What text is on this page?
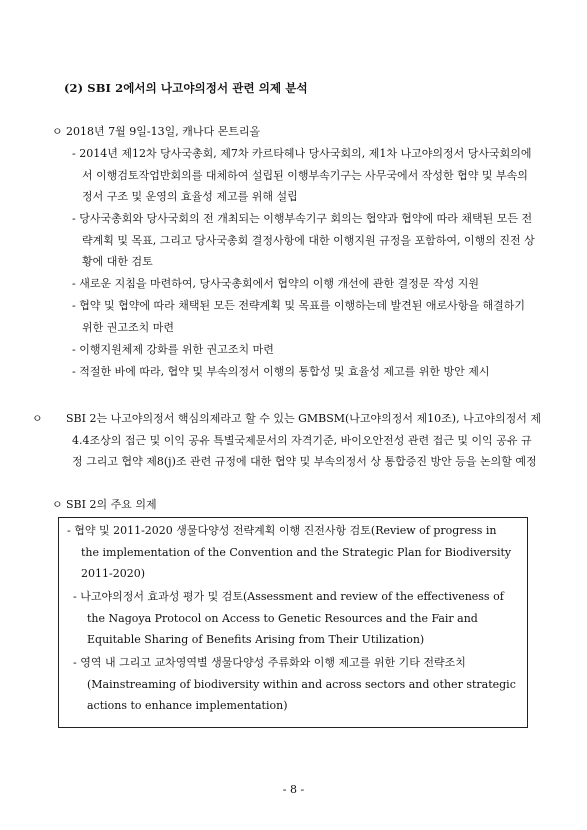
(2) SBI 2에서의 나고야의정서 관련 의제 분석
ㅇ 2018년 7월 9일-13일, 캐나다 몬트리올
- 2014년 제12차 당사국총회, 제7차 카르타헤나 당사국회의, 제1차 나고야의정서 당사국회의에서 이행검토작업반회의를 대체하여 설립된 이행부속기구는 사무국에서 작성한 협약 및 부속의정서 구조 및 운영의 효율성 제고를 위해 설립
- 당사국총회와 당사국회의 전 개최되는 이행부속기구 회의는 협약과 협약에 따라 채택된 모든 전략계획 및 목표, 그리고 당사국총회 결정사항에 대한 이행지원 규정을 포함하여, 이행의 진전 상황에 대한 검토
- 새로운 지침을 마련하여, 당사국총회에서 협약의 이행 개선에 관한 결정문 작성 지원
- 협약 및 협약에 따라 채택된 모든 전략계획 및 목표를 이행하는데 발견된 애로사항을 해결하기 위한 권고조치 마련
- 이행지원체제 강화를 위한 권고조치 마련
- 적절한 바에 따라, 협약 및 부속의정서 이행의 통합성 및 효율성 제고를 위한 방안 제시
ㅇ SBI 2는 나고야의정서 핵심의제라고 할 수 있는 GMBSM(나고야의정서 제10조), 나고야의정서 제4.4조상의 접근 및 이익 공유 특별국제문서의 자격기준, 바이오안전성 관련 접근 및 이익 공유 규정 그리고 협약 제8(j)조 관련 규정에 대한 협약 및 부속의정서 상 통합증진 방안 등을 논의할 예정
ㅇ SBI 2의 주요 의제
- 협약 및 2011-2020 생물다양성 전략계획 이행 진전사항 검토(Review of progress in the implementation of the Convention and the Strategic Plan for Biodiversity 2011-2020)
- 나고야의정서 효과성 평가 및 검토(Assessment and review of the effectiveness of the Nagoya Protocol on Access to Genetic Resources and the Fair and Equitable Sharing of Benefits Arising from Their Utilization)
- 영역 내 그리고 교차영역별 생물다양성 주류화와 이행 제고를 위한 기타 전략조치(Mainstreaming of biodiversity within and across sectors and other strategic actions to enhance implementation)
- 8 -
